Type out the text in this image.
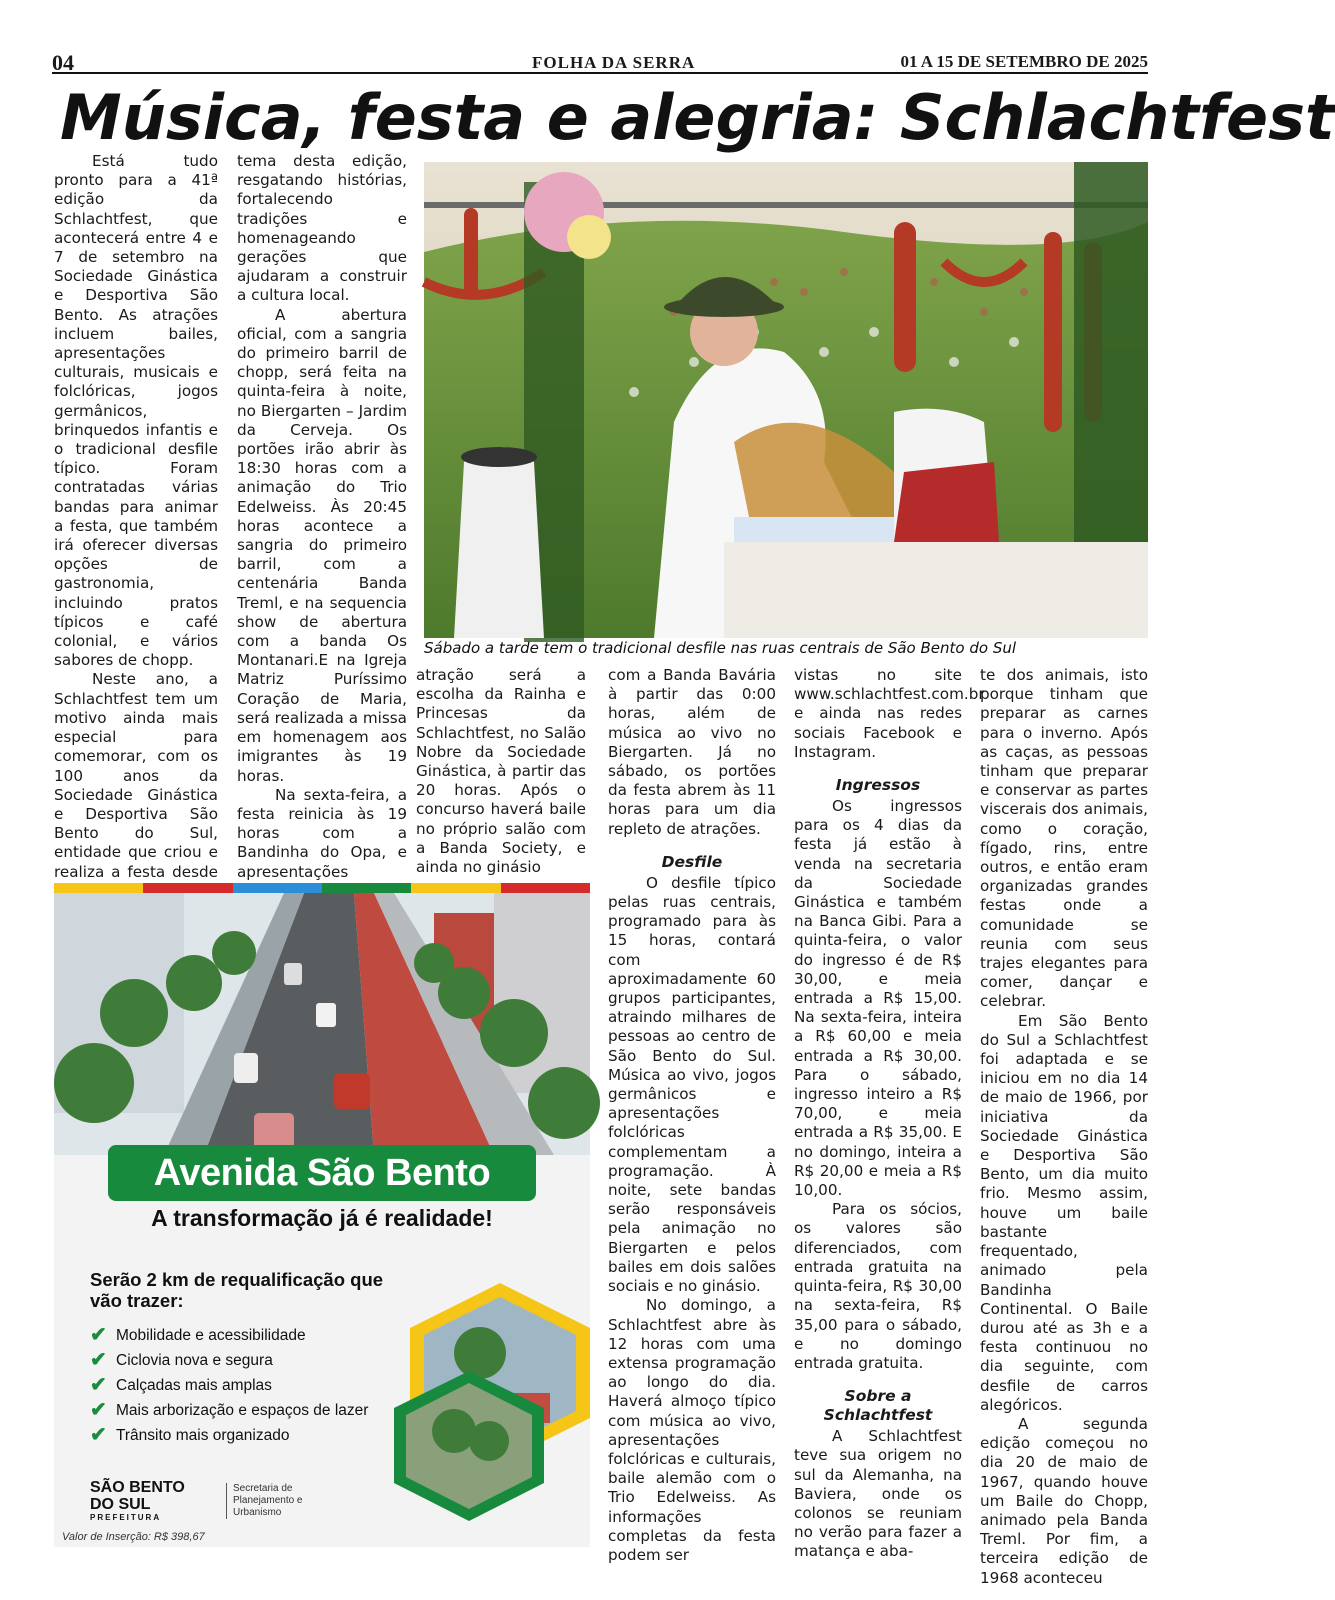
04	FOLHA DA SERRA	01 A 15 DE SETEMBRO DE 2025
Música, festa e alegria: Schlachtfest

Está tudo pronto para a 41ª edição da Schlachtfest, que acontecerá entre 4 e 7 de setembro na Sociedade Ginástica e Desportiva São Bento. As atrações incluem bailes, apresentações culturais, musicais e folclóricas, jogos germânicos, brinquedos infantis e o tradicional desfile típico. Foram contratadas várias bandas para animar a festa, que também irá oferecer diversas opções de gastronomia, incluindo pratos típicos e café colonial, e vários sabores de chopp.

Neste ano, a Schlachtfest tem um motivo ainda mais especial para comemorar, com os 100 anos da Sociedade Ginástica e Desportiva São Bento do Sul, entidade que criou e realiza a festa desde

tema desta edição, resgatando histórias, fortalecendo tradições e homenageando gerações que ajudaram a construir a cultura local.

A abertura oficial, com a sangria do primeiro barril de chopp, será feita na quinta-feira à noite, no Biergarten – Jardim da Cerveja. Os portões irão abrir às 18:30 horas com a animação do Trio Edelweiss. Às 20:45 horas acontece a sangria do primeiro barril, com a centenária Banda Treml, e na sequencia show de abertura com a banda Os Montanari.E na Igreja Matriz Puríssimo Coração de Maria, será realizada a missa em homenagem aos imigrantes às 19 horas.

Na sexta-feira, a festa reinicia às 19 horas com a Bandinha do Opa, e apresentações

Sábado a tarde tem o tradicional desfile nas ruas centrais de São Bento do Sul

atração será a escolha da Rainha e Princesas da Schlachtfest, no Salão Nobre da Sociedade Ginástica, à partir das 20 horas. Após o concurso haverá baile no próprio salão com a Banda Society, e ainda no ginásio

com a Banda Bavária à partir das 0:00 horas, além de música ao vivo no Biergarten. Já no sábado, os portões da festa abrem às 11 horas para um dia repleto de atrações.

Desfile

O desfile típico pelas ruas centrais, programado para às 15 horas, contará com aproximadamente 60 grupos participantes, atraindo milhares de pessoas ao centro de São Bento do Sul. Música ao vivo, jogos germânicos e apresentações folclóricas complementam a programação. À noite, sete bandas serão responsáveis pela animação no Biergarten e pelos bailes em dois salões sociais e no ginásio.

No domingo, a Schlachtfest abre às 12 horas com uma extensa programação ao longo do dia. Haverá almoço típico com música ao vivo, apresentações folclóricas e culturais, baile alemão com o Trio Edelweiss. As informações completas da festa podem ser

vistas no site www.schlachtfest.com.br e ainda nas redes sociais Facebook e Instagram.

Ingressos

Os ingressos para os 4 dias da festa já estão à venda na secretaria da Sociedade Ginástica e também na Banca Gibi. Para a quinta-feira, o valor do ingresso é de R$ 30,00, e meia entrada a R$ 15,00. Na sexta-feira, inteira a R$ 60,00 e meia entrada a R$ 30,00. Para o sábado, ingresso inteiro a R$ 70,00, e meia entrada a R$ 35,00. E no domingo, inteira a R$ 20,00 e meia a R$ 10,00.

Para os sócios, os valores são diferenciados, com entrada gratuita na quinta-feira, R$ 30,00 na sexta-feira, R$ 35,00 para o sábado, e no domingo entrada gratuita.

Sobre a Schlachtfest

A Schlachtfest teve sua origem no sul da Alemanha, na Baviera, onde os colonos se reuniam no verão para fazer a matança e aba-

te dos animais, isto porque tinham que preparar as carnes para o inverno. Após as caças, as pessoas tinham que preparar e conservar as partes viscerais dos animais, como o coração, fígado, rins, entre outros, e então eram organizadas grandes festas onde a comunidade se reunia com seus trajes elegantes para comer, dançar e celebrar.

Em São Bento do Sul a Schlachtfest foi adaptada e se iniciou em no dia 14 de maio de 1966, por iniciativa da Sociedade Ginástica e Desportiva São Bento, um dia muito frio. Mesmo assim, houve um baile bastante frequentado, animado pela Bandinha Continental. O Baile durou até as 3h e a festa continuou no dia seguinte, com desfile de carros alegóricos.

A segunda edição começou no dia 20 de maio de 1967, quando houve um Baile do Chopp, animado pela Banda Treml. Por fim, a terceira edição de 1968 aconteceu

Avenida São Bento
A transformação já é realidade!
Serão 2 km de requalificação que vão trazer:
✔ Mobilidade e acessibilidade
✔ Ciclovia nova e segura
✔ Calçadas mais amplas
✔ Mais arborização e espaços de lazer
✔ Trânsito mais organizado
SÃO BENTO
DO SUL
PREFEITURA
Secretaria de Planejamento e Urbanismo
Valor de Inserção: R$ 398,67
